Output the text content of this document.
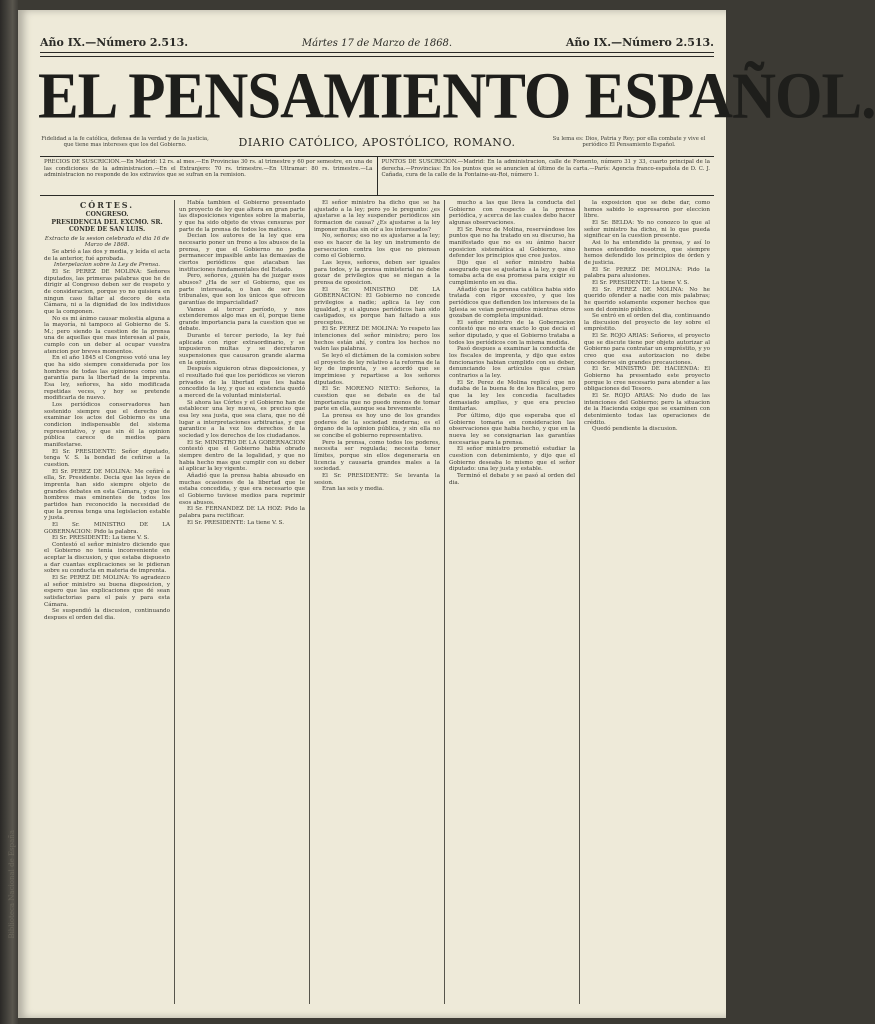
Biblioteca Nacional de España
Año IX.—Número 2.513.	Mártes 17 de Marzo de 1868.	Año IX.—Número 2.513.
EL PENSAMIENTO ESPAÑOL.
Fidelidad a la fe católica, defensa de la verdad y de la justicia, que tiene mas intereses que los del Gobierno.	DIARIO CATÓLICO, APOSTÓLICO, ROMANO.	Su lema es: Dios, Patria y Rey; por ella combate y vive el periódico El Pensamiento Español.
PRECIOS DE SUSCRICION.—En Madrid: 12 rs. al mes.—En Provincias 30 rs. al trimestre y 60 por semestre, en una de las condiciones de la administracion.—En el Extranjero: 70 rs. trimestre.—En Ultramar: 80 rs. trimestre.—La administracion no responde de los extravíos que se sufran en la remision.
PUNTOS DE SUSCRICION.—Madrid: En la administracion, calle de Fomento, número 31 y 33, cuarto principal de la derecha.—Provincias: En los puntos que se anuncien al último de la carta.—París: Agencia franco-española de D. C. J. Cañada, cura de la calle de la Fontaine-au-Roi, número 1.
CÓRTES.

CONGRESO.

PRESIDENCIA DEL EXCMO. SR. CONDE DE SAN LUIS.

Extracto de la sesion celebrada el dia 16 de Marzo de 1868.

Se abrió a las dos y media, y leída el acta de la anterior, fué aprobada.

Interpelacion sobre la Ley de Prensa.

El Sr. PEREZ DE MOLINA: Señores diputados, las primeras palabras que he de dirigir al Congreso deben ser de respeto y de consideracion, porque yo no quisiera en ningun caso faltar al decoro de esta Cámara, ni a la dignidad de los individuos que la componen.

No es mi ánimo causar molestia alguna a la mayoría, ni tampoco al Gobierno de S. M.; pero siendo la cuestion de la prensa una de aquellas que mas interesan al país, cumplo con un deber al ocupar vuestra atencion por breves momentos.

En el año 1845 el Congreso votó una ley que ha sido siempre considerada por los hombres de todas las opiniones como una garantía para la libertad de la imprenta. Esa ley, señores, ha sido modificada repetidas veces, y hoy se pretende modificarla de nuevo.

Los periódicos conservadores han sostenido siempre que el derecho de examinar los actos del Gobierno es una condicion indispensable del sistema representativo, y que sin él la opinion pública carece de medios para manifestarse.

El Sr. PRESIDENTE: Señor diputado, tenga V. S. la bondad de ceñirse a la cuestion.

El Sr. PEREZ DE MOLINA: Me ceñiré a ella, Sr. Presidente. Decia que las leyes de imprenta han sido siempre objeto de grandes debates en esta Cámara, y que los hombres mas eminentes de todos los partidos han reconocido la necesidad de que la prensa tenga una legislacion estable y justa.

El Sr. MINISTRO DE LA GOBERNACION: Pido la palabra.

El Sr. PRESIDENTE: La tiene V. S.

Contestó el señor ministro diciendo que el Gobierno no tenia inconveniente en aceptar la discusion, y que estaba dispuesto a dar cuantas explicaciones se le pidieran sobre su conducta en materia de imprenta.

El Sr. PEREZ DE MOLINA: Yo agradezco al señor ministro su buena disposicion, y espero que las explicaciones que dé sean satisfactorias para el país y para esta Cámara.

Se suspendió la discusion, continuando despues el orden del dia.

Había tambien el Gobierno presentado un proyecto de ley que altera en gran parte las disposiciones vigentes sobre la materia, y que ha sido objeto de vivas censuras por parte de la prensa de todos los matices.

Decian los autores de la ley que era necesario poner un freno a los abusos de la prensa, y que el Gobierno no podia permanecer impasible ante las demasías de ciertos periódicos que atacaban las instituciones fundamentales del Estado.

Pero, señores, ¿quién ha de juzgar esos abusos? ¿Ha de ser el Gobierno, que es parte interesada, o han de ser los tribunales, que son los únicos que ofrecen garantías de imparcialidad?

Vamos al tercer período, y nos extenderemos algo mas en él, porque tiene grande importancia para la cuestion que se debate.

Durante el tercer periodo, la ley fué aplicada con rigor extraordinario, y se impusieron multas y se decretaron suspensiones que causaron grande alarma en la opinion.

Después siguieron otras disposiciones, y el resultado fué que los periódicos se vieron privados de la libertad que les habia concedido la ley, y que su existencia quedó a merced de la voluntad ministerial.

Si ahora las Córtes y el Gobierno han de establecer una ley nueva, es preciso que esa ley sea justa, que sea clara, que no dé lugar a interpretaciones arbitrarias, y que garantice a la vez los derechos de la sociedad y los derechos de los ciudadanos.

El Sr. MINISTRO DE LA GOBERNACION contestó que el Gobierno habia obrado siempre dentro de la legalidad, y que no habia hecho mas que cumplir con su deber al aplicar la ley vigente.

Añadió que la prensa habia abusado en muchas ocasiones de la libertad que le estaba concedida, y que era necesario que el Gobierno tuviese medios para reprimir esos abusos.

El Sr. FERNANDEZ DE LA HOZ: Pido la palabra para rectificar.

El Sr. PRESIDENTE: La tiene V. S.

El señor ministro ha dicho que se ha ajustado a la ley; pero yo le pregunto: ¿es ajustarse a la ley suspender periódicos sin formacion de causa? ¿Es ajustarse a la ley imponer multas sin oír a los interesados?

No, señores; eso no es ajustarse a la ley; eso es hacer de la ley un instrumento de persecucion contra los que no piensan como el Gobierno.

Las leyes, señores, deben ser iguales para todos, y la prensa ministerial no debe gozar de privilegios que se niegan a la prensa de oposicion.

El Sr. MINISTRO DE LA GOBERNACION: El Gobierno no concede privilegios a nadie; aplica la ley con igualdad, y si algunos periódicos han sido castigados, es porque han faltado a sus preceptos.

El Sr. PEREZ DE MOLINA: Yo respeto las intenciones del señor ministro; pero los hechos están ahí, y contra los hechos no valen las palabras.

Se leyó el dictámen de la comision sobre el proyecto de ley relativo a la reforma de la ley de imprenta, y se acordó que se imprimiese y repartiese a los señores diputados.

El Sr. MORENO NIETO: Señores, la cuestion que se debate es de tal importancia que no puedo menos de tomar parte en ella, aunque sea brevemente.

La prensa es hoy uno de los grandes poderes de la sociedad moderna; es el órgano de la opinion pública, y sin ella no se concibe el gobierno representativo.

Pero la prensa, como todos los poderes, necesita ser regulada; necesita tener límites, porque sin ellos degeneraria en licencia y causaria grandes males a la sociedad.

El Sr. PRESIDENTE: Se levanta la sesion.

Eran las seis y media.

mucho a las que lleva la conducta del Gobierno con respecto a la prensa periódica, y acerca de las cuales debo hacer algunas observaciones.

El Sr. Perez de Molina, reservándose los puntos que no ha tratado en su discurso, ha manifestado que no es su ánimo hacer oposicion sistemática al Gobierno, sino defender los principios que cree justos.

Dijo que el señor ministro habia asegurado que se ajustaria a la ley, y que él tomaba acta de esa promesa para exigir su cumplimiento en su dia.

Añadió que la prensa católica habia sido tratada con rigor excesivo, y que los periódicos que defienden los intereses de la Iglesia se veian perseguidos mientras otros gozaban de completa impunidad.

El señor ministro de la Gobernacion contestó que no era exacto lo que decia el señor diputado, y que el Gobierno trataba a todos los periódicos con la misma medida.

Pasó despues a examinar la conducta de los fiscales de imprenta, y dijo que estos funcionarios habian cumplido con su deber, denunciando los artículos que creian contrarios a la ley.

El Sr. Perez de Molina replicó que no dudaba de la buena fe de los fiscales, pero que la ley les concedia facultades demasiado amplias, y que era preciso limitarlas.

Por último, dijo que esperaba que el Gobierno tomaria en consideracion las observaciones que habia hecho, y que en la nueva ley se consignarian las garantías necesarias para la prensa.

El señor ministro prometió estudiar la cuestion con detenimiento, y dijo que el Gobierno deseaba lo mismo que el señor diputado: una ley justa y estable.

Terminó el debate y se pasó al orden del dia.

la exposicion que se debe dar, como hemos sabido lo expresaron por eleccion libre.

El Sr. BELDA: Yo no conozco lo que al señor ministro ha dicho, ni lo que pueda significar en la cuestion presente.

Asi lo ha entendido la prensa, y así lo hemos entendido nosotros, que siempre hemos defendido los principios de órden y de justicia.

El Sr. PEREZ DE MOLINA: Pido la palabra para alusiones.

El Sr. PRESIDENTE: La tiene V. S.

El Sr. PEREZ DE MOLINA: No he querido ofender a nadie con mis palabras; he querido solamente exponer hechos que son del dominio público.

Se entró en el orden del dia, continuando la discusion del proyecto de ley sobre el empréstito.

El Sr. ROJO ARIAS: Señores, el proyecto que se discute tiene por objeto autorizar al Gobierno para contratar un empréstito, y yo creo que esa autorizacion no debe concederse sin grandes precauciones.

El Sr. MINISTRO DE HACIENDA: El Gobierno ha presentado este proyecto porque lo cree necesario para atender a las obligaciones del Tesoro.

El Sr. ROJO ARIAS: No dudo de las intenciones del Gobierno; pero la situacion de la Hacienda exige que se examinen con detenimiento todas las operaciones de crédito.

Quedó pendiente la discusion.
